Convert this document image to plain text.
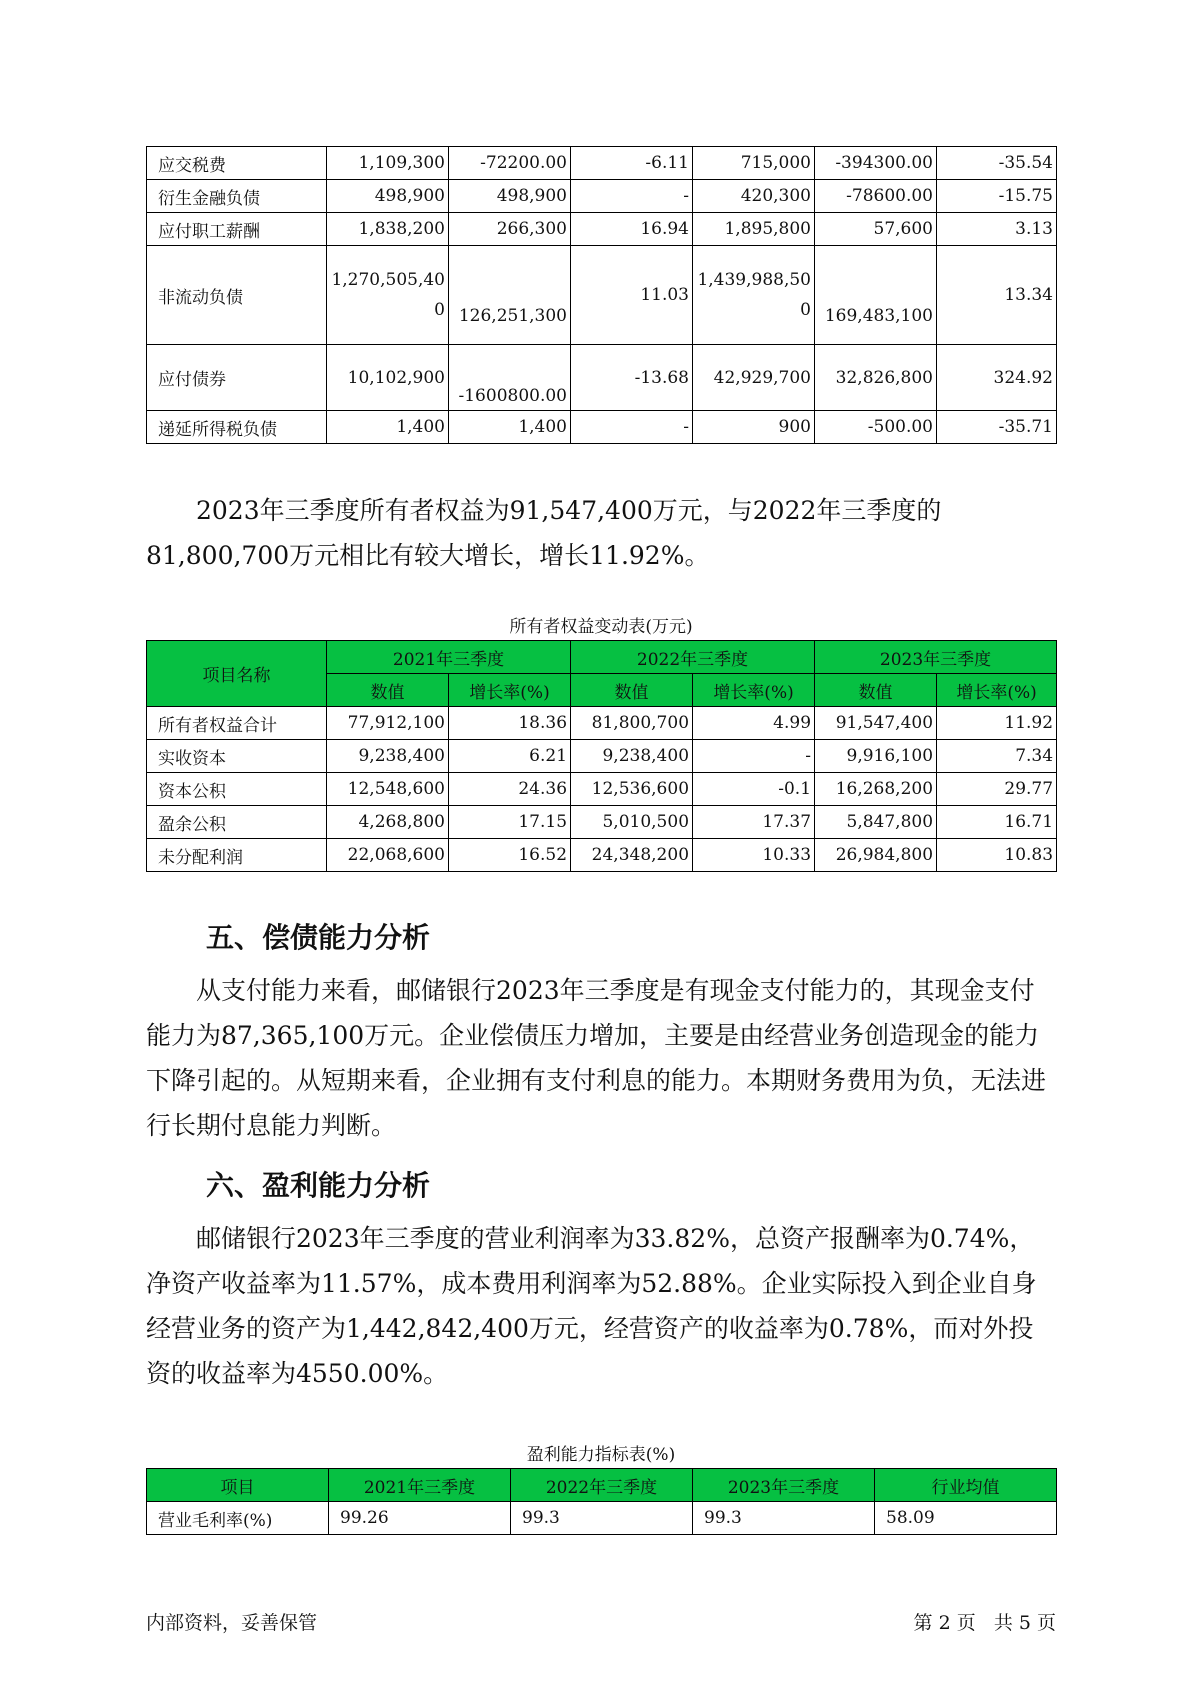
应交税费	1,109,300	-72200.00	-6.11	715,000	-394300.00	-35.54
衍生金融负债	498,900	498,900	-	420,300	-78600.00	-15.75
应付职工薪酬	1,838,200	266,300	16.94	1,895,800	57,600	3.13
非流动负债	1,270,505,400	126,251,300	11.03	1,439,988,500	169,483,100	13.34
应付债券	10,102,900	-1600800.00	-13.68	42,929,700	32,826,800	324.92
递延所得税负债	1,400	1,400	-	900	-500.00	-35.71

2023年三季度所有者权益为91,547,400万元，与2022年三季度的81,800,700万元相比有较大增长，增长11.92%。

所有者权益变动表(万元)
项目名称	2021年三季度		2022年三季度		2023年三季度	
	数值	增长率(%)	数值	增长率(%)	数值	增长率(%)
所有者权益合计	77,912,100	18.36	81,800,700	4.99	91,547,400	11.92
实收资本	9,238,400	6.21	9,238,400	-	9,916,100	7.34
资本公积	12,548,600	24.36	12,536,600	-0.1	16,268,200	29.77
盈余公积	4,268,800	17.15	5,010,500	17.37	5,847,800	16.71
未分配利润	22,068,600	16.52	24,348,200	10.33	26,984,800	10.83
五、偿债能力分析

从支付能力来看，邮储银行2023年三季度是有现金支付能力的，其现金支付能力为87,365,100万元。企业偿债压力增加，主要是由经营业务创造现金的能力下降引起的。从短期来看，企业拥有支付利息的能力。本期财务费用为负，无法进行长期付息能力判断。

六、盈利能力分析

邮储银行2023年三季度的营业利润率为33.82%，总资产报酬率为0.74%，净资产收益率为11.57%，成本费用利润率为52.88%。企业实际投入到企业自身经营业务的资产为1,442,842,400万元，经营资产的收益率为0.78%，而对外投资的收益率为4550.00%。

盈利能力指标表(%)
项目	2021年三季度	2022年三季度	2023年三季度	行业均值
营业毛利率(%)	99.26	99.3	99.3	58.09
内部资料，妥善保管	第 2 页   共 5 页
